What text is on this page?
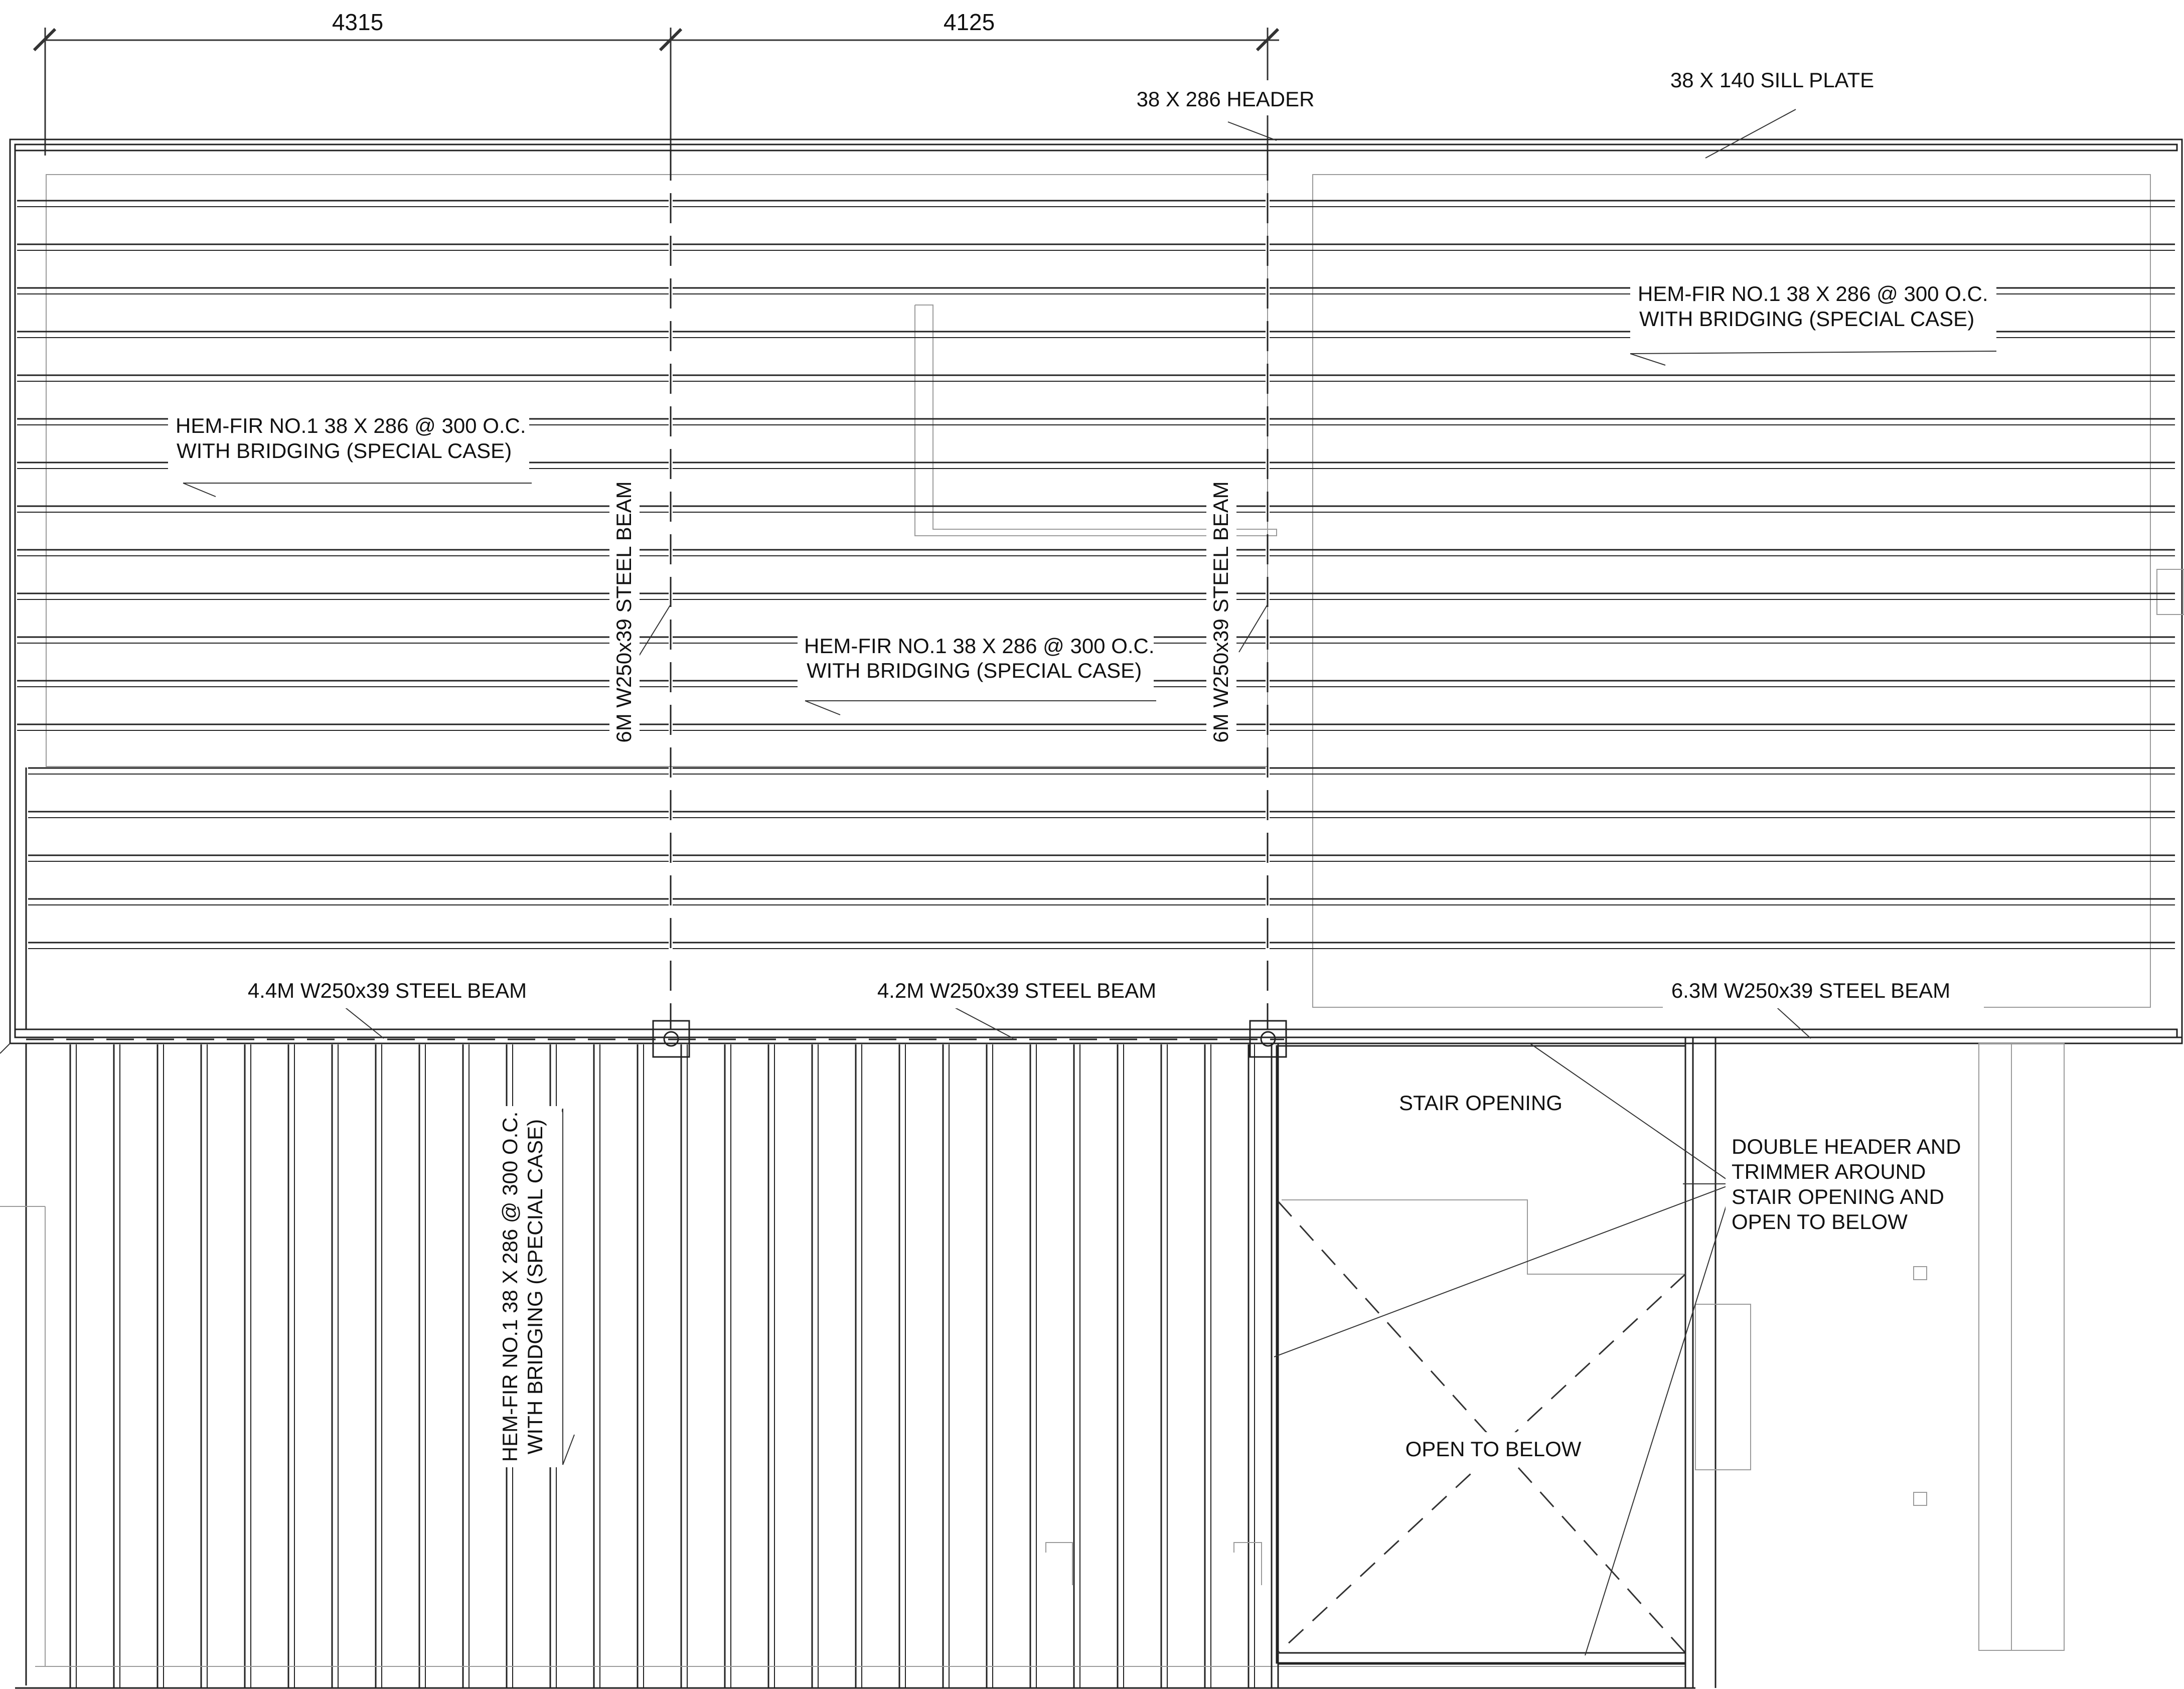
4315	4125
38 X 286 HEADER
38 X 140 SILL PLATE
HEM-FIR NO.1 38 X 286 @ 300 O.C.
WITH BRIDGING (SPECIAL CASE)
HEM-FIR NO.1 38 X 286 @ 300 O.C.
WITH BRIDGING (SPECIAL CASE)
HEM-FIR NO.1 38 X 286 @ 300 O.C.
WITH BRIDGING (SPECIAL CASE)
6M W250x39 STEEL BEAM	6M W250x39 STEEL BEAM
4.4M W250x39 STEEL BEAM	4.2M W250x39 STEEL BEAM	6.3M W250x39 STEEL BEAM
HEM-FIR NO.1 38 X 286 @ 300 O.C. WITH BRIDGING (SPECIAL CASE)
STAIR OPENING
OPEN TO BELOW
DOUBLE HEADER AND
TRIMMER AROUND
STAIR OPENING AND
OPEN TO BELOW
